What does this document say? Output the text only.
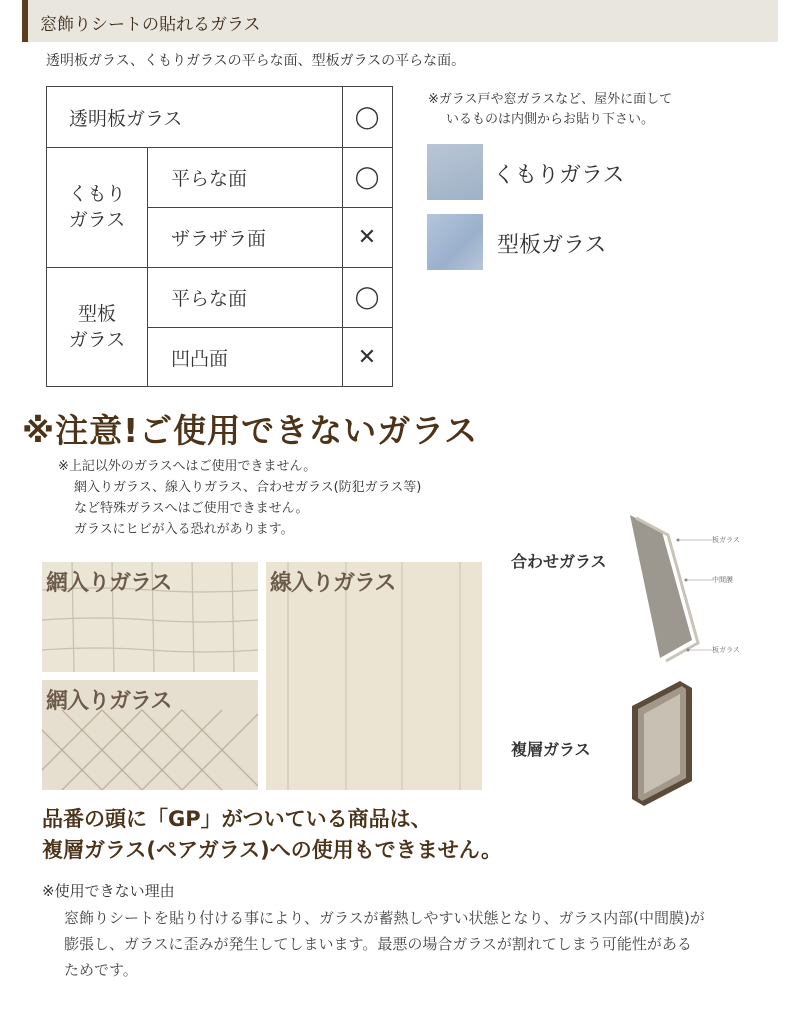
窓飾りシートの貼れるガラス
透明板ガラス、くもりガラスの平らな面、型板ガラスの平らな面。
透明板ガラス	◯
くもり
ガラス
平らな面	◯
ザラザラ面	✕
型板
ガラス
平らな面	◯
凹凸面	✕
※ガラス戸や窓ガラスなど、屋外に面して
いるものは内側からお貼り下さい。
くもりガラス
型板ガラス
※注意!ご使用できないガラス
※上記以外のガラスへはご使用できません。
網入りガラス、線入りガラス、合わせガラス(防犯ガラス等)
など特殊ガラスへはご使用できません。
ガラスにヒビが入る恐れがあります。
網入りガラス
網入りガラス
線入りガラス
合わせガラス
板ガラス
中間膜
板ガラス
複層ガラス
品番の頭に「GP」がついている商品は、
複層ガラス(ペアガラス)への使用もできません。
※使用できない理由
窓飾りシートを貼り付ける事により、ガラスが蓄熱しやすい状態となり、ガラス内部(中間膜)が
膨張し、ガラスに歪みが発生してしまいます。最悪の場合ガラスが割れてしまう可能性がある
ためです。
